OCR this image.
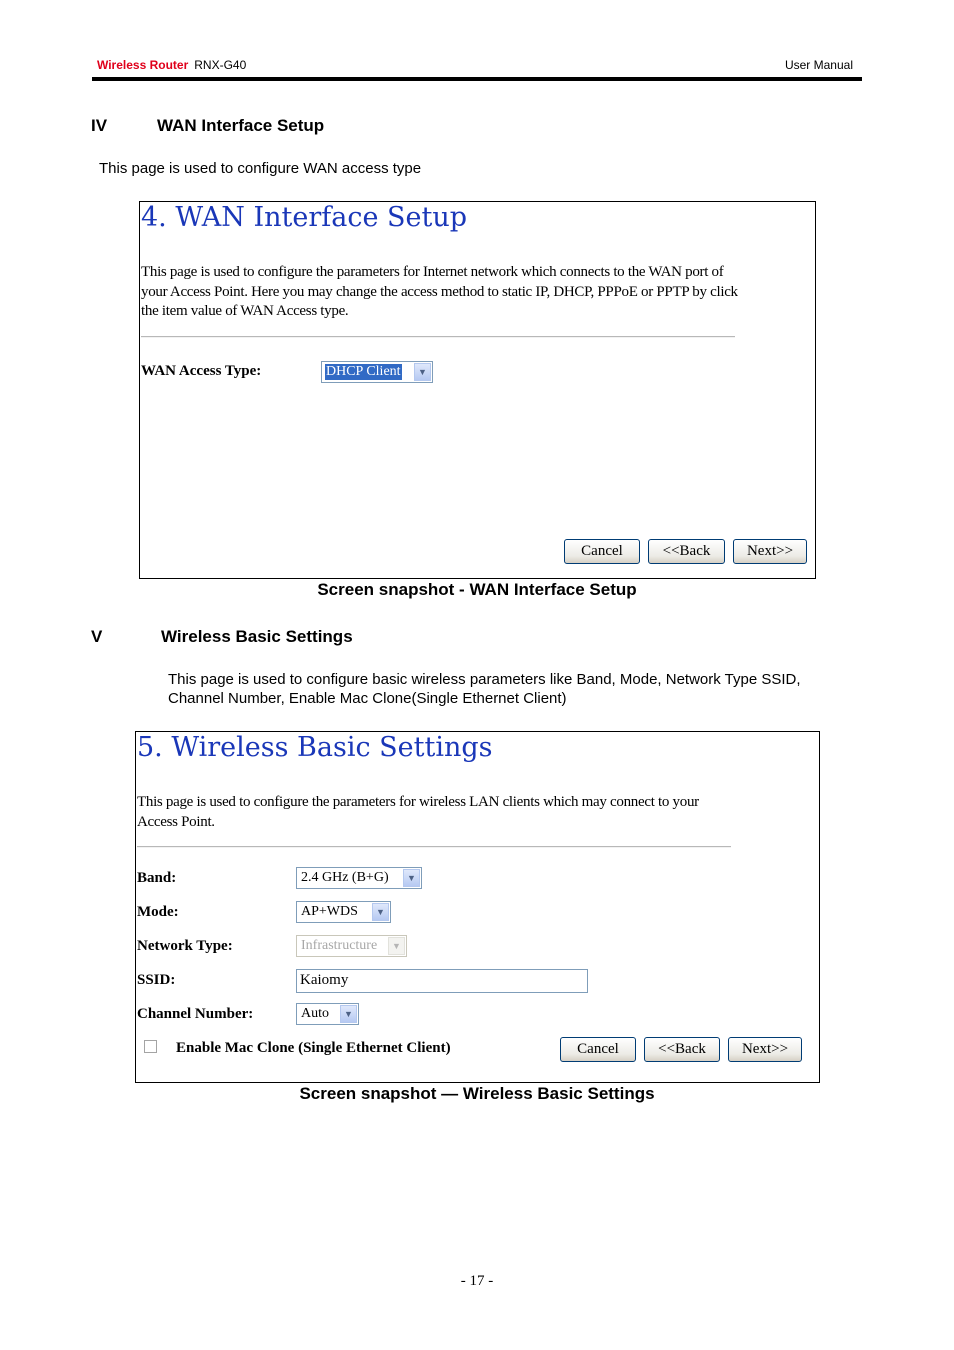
Wireless Router RNX-G40	User Manual
IV	WAN Interface Setup
This page is used to configure WAN access type
4. WAN Interface Setup
This page is used to configure the parameters for Internet network which connects to the WAN port of your Access Point. Here you may change the access method to static IP, DHCP, PPPoE or PPTP by click the item value of WAN Access type.
WAN Access Type:	DHCP Client	▼
Cancel	<<Back	Next>>
Screen snapshot - WAN Interface Setup
V	Wireless Basic Settings
This page is used to configure basic wireless parameters like Band, Mode, Network Type SSID, Channel Number, Enable Mac Clone(Single Ethernet Client)
5. Wireless Basic Settings
This page is used to configure the parameters for wireless LAN clients which may connect to your Access Point.
Band:	2.4 GHz (B+G)	▼
Mode:	AP+WDS	▼
Network Type:	Infrastructure	▼
SSID:	Kaiomy
Channel Number:	Auto	▼
Enable Mac Clone (Single Ethernet Client)	Cancel	<<Back	Next>>
Screen snapshot — Wireless Basic Settings
- 17 -
